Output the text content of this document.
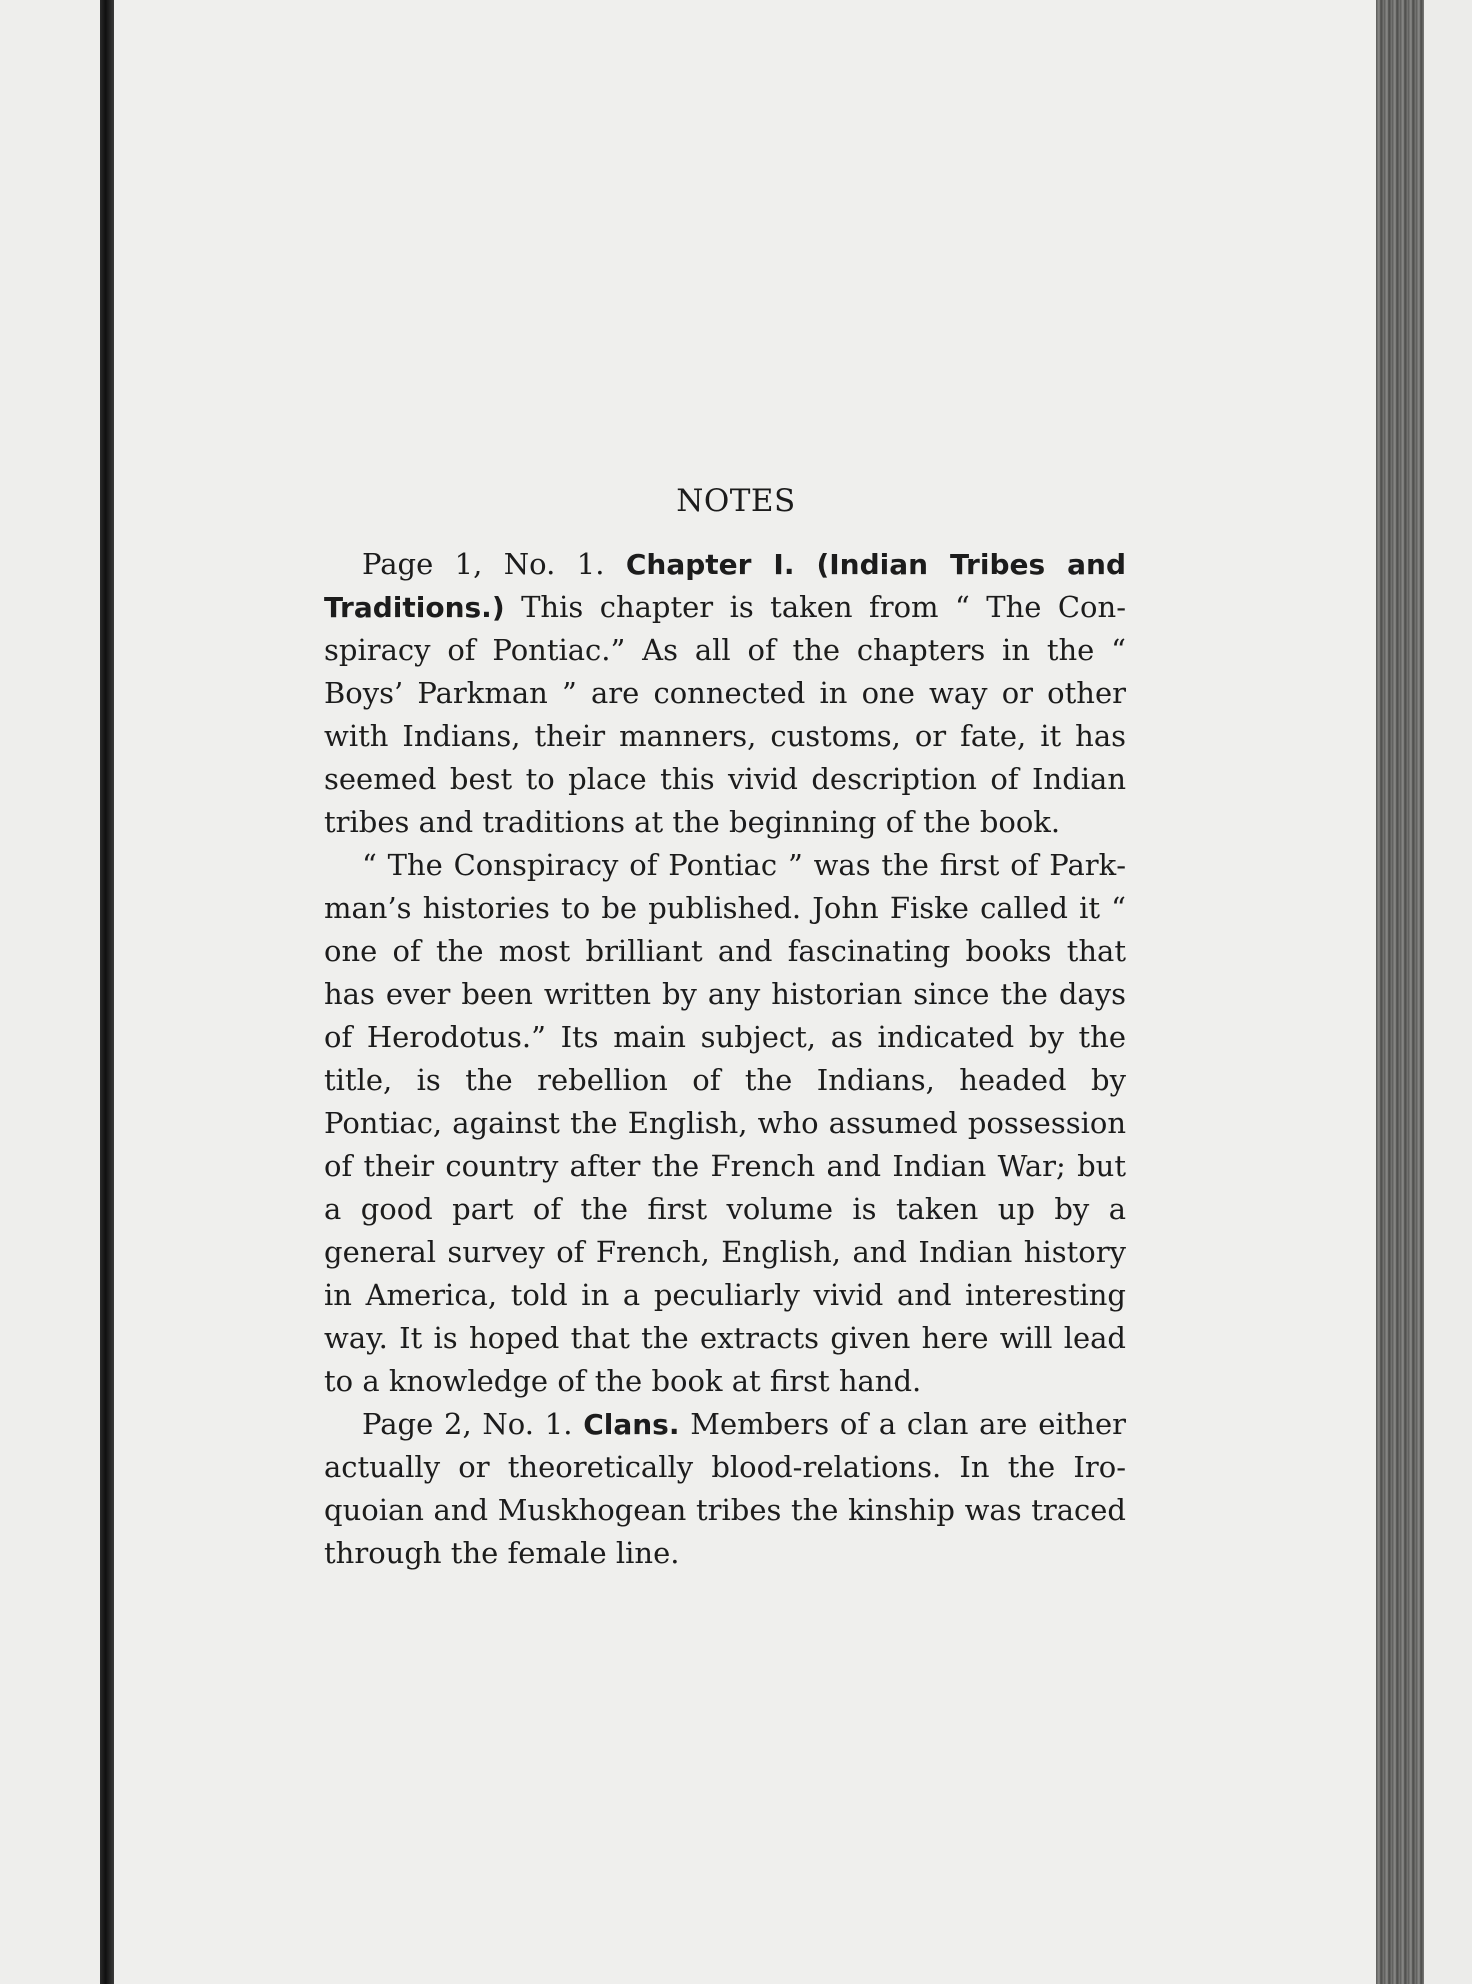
NOTES

Page 1, No. 1. Chapter I. (Indian Tribes and Traditions.) This chapter is taken from “ The Conspiracy of Pontiac.” As all of the chapters in the “ Boys’ Parkman ” are connected in one way or other with Indians, their manners, customs, or fate, it has seemed best to place this vivid description of Indian tribes and traditions at the beginning of the book.

“ The Conspiracy of Pontiac ” was the first of Parkman’s histories to be published. John Fiske called it “ one of the most brilliant and fascinating books that has ever been written by any historian since the days of Herodotus.” Its main subject, as indicated by the title, is the rebellion of the Indians, headed by Pontiac, against the English, who assumed possession of their country after the French and Indian War; but a good part of the first volume is taken up by a general survey of French, English, and Indian history in America, told in a peculiarly vivid and interesting way. It is hoped that the extracts given here will lead to a knowledge of the book at first hand.

Page 2, No. 1. Clans. Members of a clan are either actually or theoretically blood-relations. In the Iroquoian and Muskhogean tribes the kinship was traced through the female line.
